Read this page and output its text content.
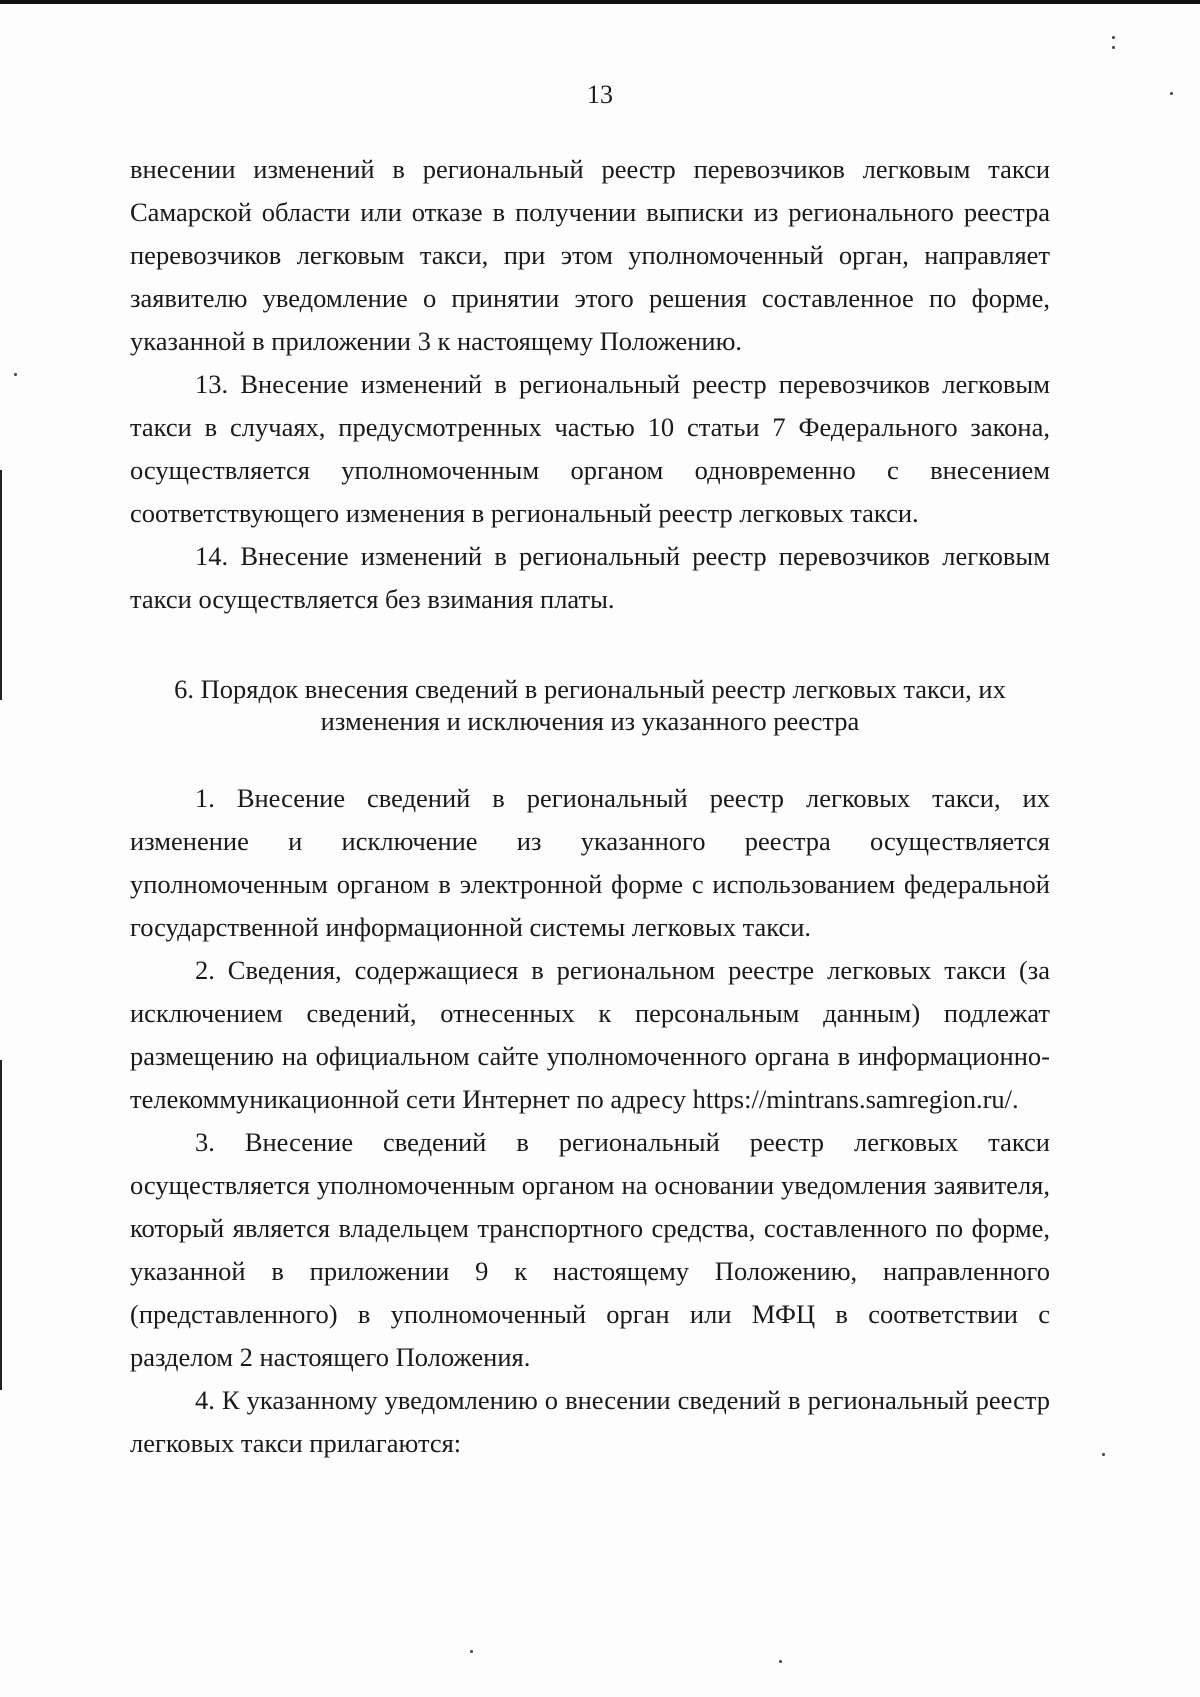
13

внесении изменений в региональный реестр перевозчиков легковым такси Самарской области или отказе в получении выписки из регионального реестра перевозчиков легковым такси, при этом уполномоченный орган, направляет заявителю уведомление о принятии этого решения составленное по форме, указанной в приложении 3 к настоящему Положению.

13. Внесение изменений в региональный реестр перевозчиков легковым такси в случаях, предусмотренных частью 10 статьи 7 Федерального закона, осуществляется уполномоченным органом одновременно с внесением соответствующего изменения в региональный реестр легковых такси.

14. Внесение изменений в региональный реестр перевозчиков легковым такси осуществляется без взимания платы.

6. Порядок внесения сведений в региональный реестр легковых такси, их
изменения и исключения из указанного реестра

1. Внесение сведений в региональный реестр легковых такси, их изменение и исключение из указанного реестра осуществляется уполномоченным органом в электронной форме с использованием федеральной государственной информационной системы легковых такси.

2. Сведения, содержащиеся в региональном реестре легковых такси (за исключением сведений, отнесенных к персональным данным) подлежат размещению на официальном сайте уполномоченного органа в информационно-телекоммуникационной сети Интернет по адресу https://mintrans.samregion.ru/.

3. Внесение сведений в региональный реестр легковых такси осуществляется уполномоченным органом на основании уведомления заявителя, который является владельцем транспортного средства, составленного по форме, указанной в приложении 9 к настоящему Положению, направленного (представленного) в уполномоченный орган или МФЦ в соответствии с разделом 2 настоящего Положения.

4. К указанному уведомлению о внесении сведений в региональный реестр легковых такси прилагаются:
